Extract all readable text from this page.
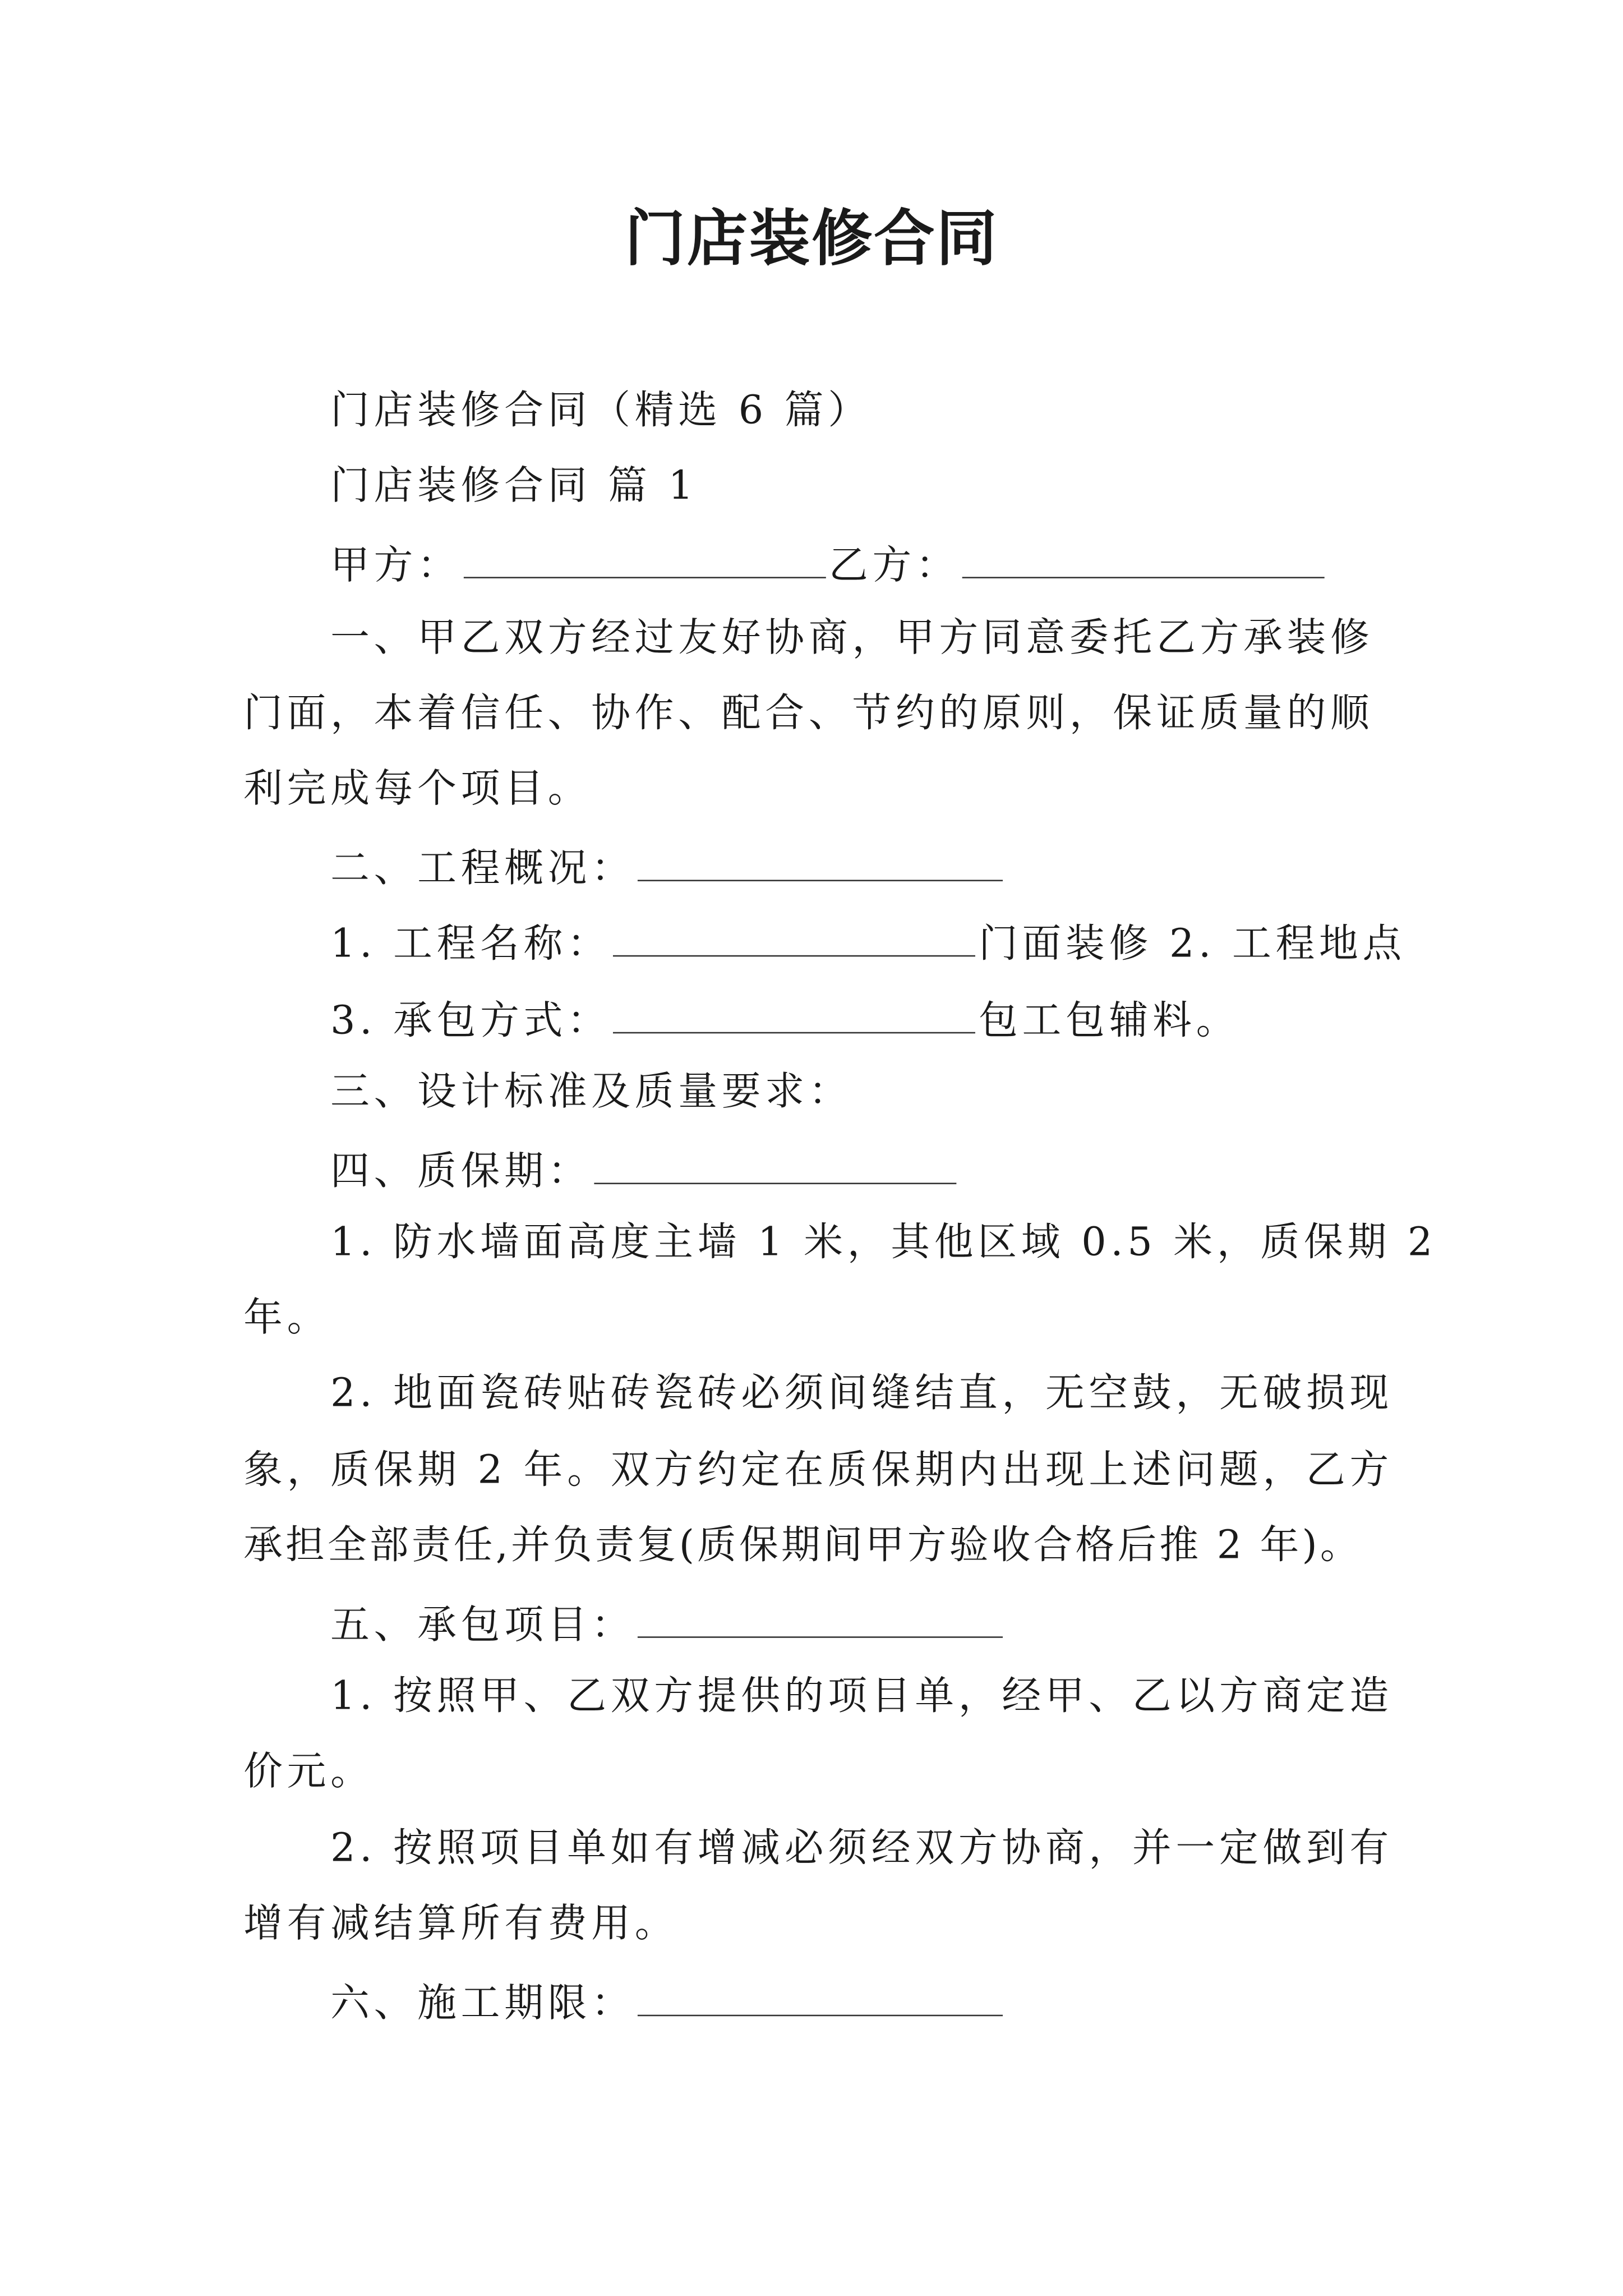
门店装修合同
门店装修合同（精选 6 篇）
门店装修合同 篇 1
甲方：	乙方：
一、甲乙双方经过友好协商，甲方同意委托乙方承装修
门面，本着信任、协作、配合、节约的原则，保证质量的顺
利完成每个项目。
二、工程概况：
1. 工程名称：	门面装修 2. 工程地点
3. 承包方式：	包工包辅料。
三、设计标准及质量要求：
四、质保期：
1. 防水墙面高度主墙 1 米，其他区域 0.5 米，质保期 2
年。
2. 地面瓷砖贴砖瓷砖必须间缝结直，无空鼓，无破损现
象，质保期 2 年。双方约定在质保期内出现上述问题，乙方
承担全部责任,并负责复(质保期间甲方验收合格后推 2 年)。
五、承包项目：
1. 按照甲、乙双方提供的项目单，经甲、乙以方商定造
价元。
2. 按照项目单如有增减必须经双方协商，并一定做到有
增有减结算所有费用。
六、施工期限：
